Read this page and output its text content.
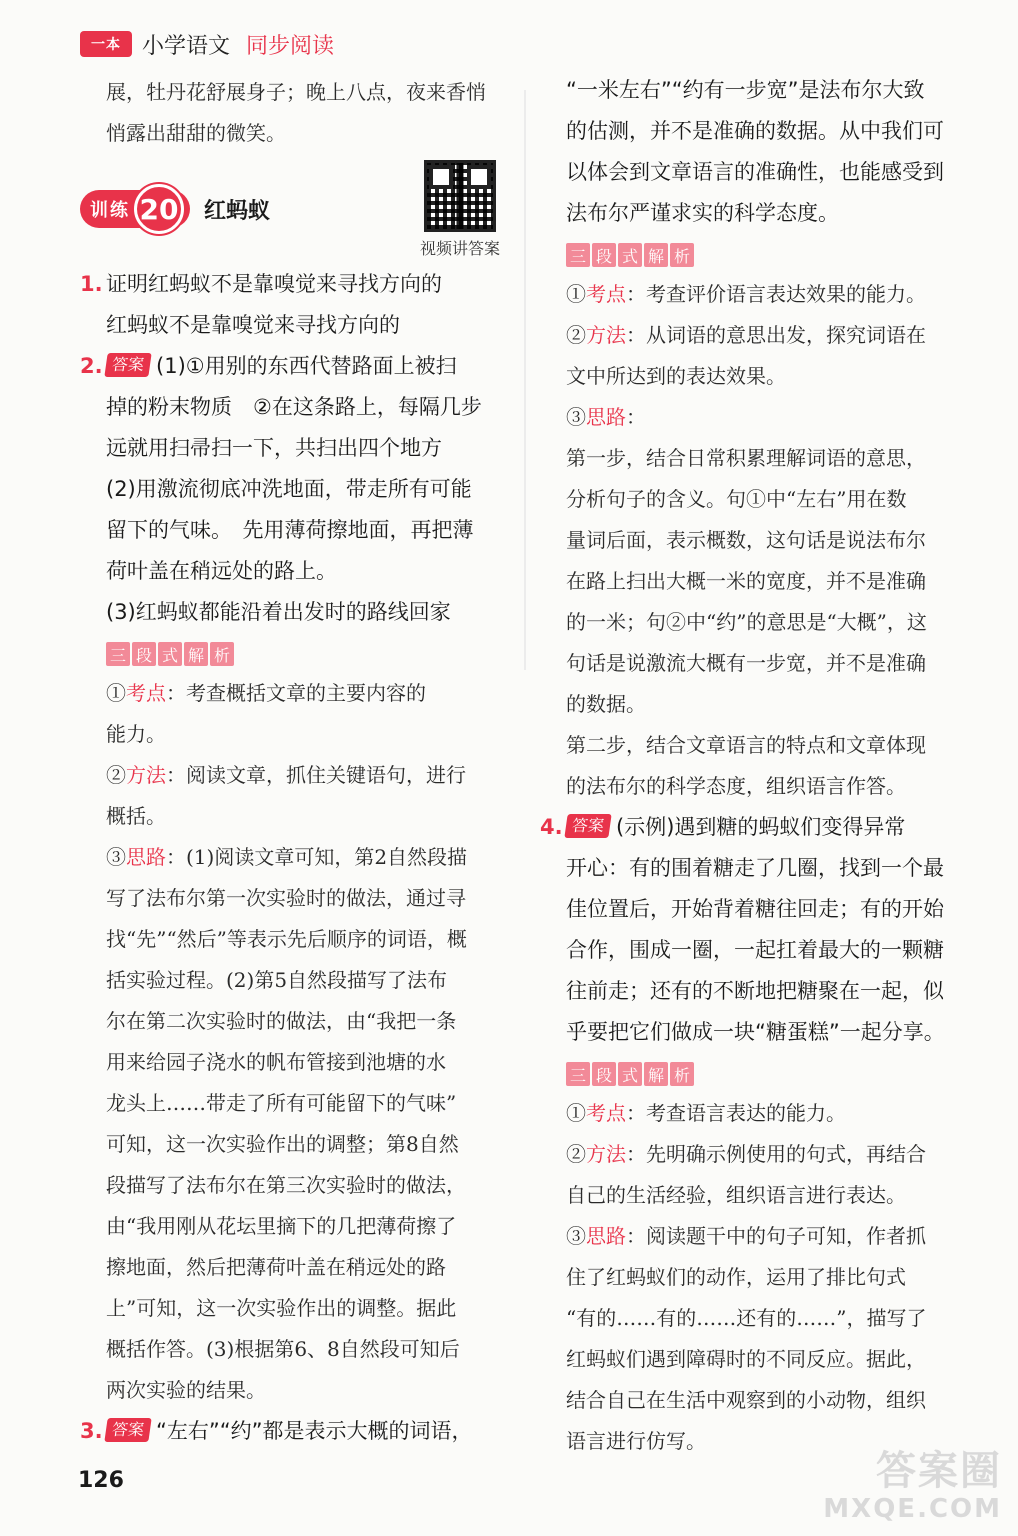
一本 小学语文 同步阅读

展，牡丹花舒展身子；晚上八点，夜来香悄

悄露出甜甜的微笑。

训练 20 红蚂蚁
视频讲答案
1. 证明红蚂蚁不是靠嗅觉来寻找方向的

红蚂蚁不是靠嗅觉来寻找方向的

2. 答案 (1)①用别的东西代替路面上被扫

掉的粉末物质　②在这条路上，每隔几步

远就用扫帚扫一下，共扫出四个地方

(2)用激流彻底冲洗地面，带走所有可能

留下的气味。　先用薄荷擦地面，再把薄

荷叶盖在稍远处的路上。

(3)红蚂蚁都能沿着出发时的路线回家

三 段 式 解 析

①考点：考查概括文章的主要内容的

能力。

②方法：阅读文章，抓住关键语句，进行

概括。

③思路：(1)阅读文章可知，第2自然段描

写了法布尔第一次实验时的做法，通过寻

找“先”“然后”等表示先后顺序的词语，概

括实验过程。(2)第5自然段描写了法布

尔在第二次实验时的做法，由“我把一条

用来给园子浇水的帆布管接到池塘的水

龙头上……带走了所有可能留下的气味”

可知，这一次实验作出的调整；第8自然

段描写了法布尔在第三次实验时的做法，

由“我用刚从花坛里摘下的几把薄荷擦了

擦地面，然后把薄荷叶盖在稍远处的路

上”可知，这一次实验作出的调整。据此

概括作答。(3)根据第6、8自然段可知后

两次实验的结果。

3. 答案 “左右”“约”都是表示大概的词语，

“一米左右”“约有一步宽”是法布尔大致

的估测，并不是准确的数据。从中我们可

以体会到文章语言的准确性，也能感受到

法布尔严谨求实的科学态度。

三 段 式 解 析

①考点：考查评价语言表达效果的能力。

②方法：从词语的意思出发，探究词语在

文中所达到的表达效果。

③思路：

第一步，结合日常积累理解词语的意思，

分析句子的含义。句①中“左右”用在数

量词后面，表示概数，这句话是说法布尔

在路上扫出大概一米的宽度，并不是准确

的一米；句②中“约”的意思是“大概”，这

句话是说激流大概有一步宽，并不是准确

的数据。

第二步，结合文章语言的特点和文章体现

的法布尔的科学态度，组织语言作答。

4. 答案 (示例)遇到糖的蚂蚁们变得异常

开心：有的围着糖走了几圈，找到一个最

佳位置后，开始背着糖往回走；有的开始

合作，围成一圈，一起扛着最大的一颗糖

往前走；还有的不断地把糖聚在一起，似

乎要把它们做成一块“糖蛋糕”一起分享。

三 段 式 解 析

①考点：考查语言表达的能力。

②方法：先明确示例使用的句式，再结合

自己的生活经验，组织语言进行表达。

③思路：阅读题干中的句子可知，作者抓

住了红蚂蚁们的动作，运用了排比句式

“有的……有的……还有的……”，描写了

红蚂蚁们遇到障碍时的不同反应。据此，

结合自己在生活中观察到的小动物，组织

语言进行仿写。

126	答案圈
MXQE.COM
